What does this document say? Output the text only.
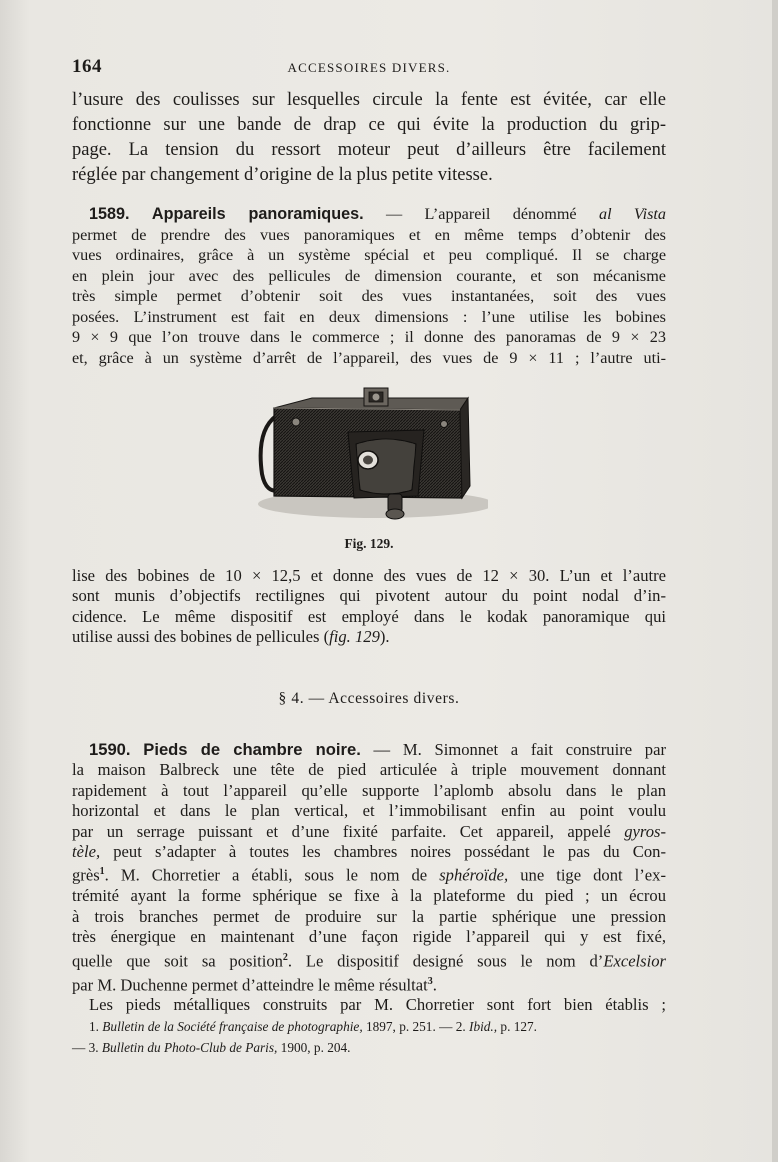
164	ACCESSOIRES DIVERS.
l’usure des coulisses sur lesquelles circule la fente est évitée, car elle
fonctionne sur une bande de drap ce qui évite la production du grip-
page. La tension du ressort moteur peut d’ailleurs être facilement
réglée par changement d’origine de la plus petite vitesse.
1589. Appareils panoramiques. — L’appareil dénommé al Vista
permet de prendre des vues panoramiques et en même temps d’obtenir des
vues ordinaires, grâce à un système spécial et peu compliqué. Il se charge
en plein jour avec des pellicules de dimension courante, et son mécanisme
très simple permet d’obtenir soit des vues instantanées, soit des vues
posées. L’instrument est fait en deux dimensions : l’une utilise les bobines
9 × 9 que l’on trouve dans le commerce ; il donne des panoramas de 9 × 23
et, grâce à un système d’arrêt de l’appareil, des vues de 9 × 11 ; l’autre uti-
Fig. 129.
lise des bobines de 10 × 12,5 et donne des vues de 12 × 30. L’un et l’autre
sont munis d’objectifs rectilignes qui pivotent autour du point nodal d’in-
cidence. Le même dispositif est employé dans le kodak panoramique qui
utilise aussi des bobines de pellicules (fig. 129).
§ 4. — Accessoires divers.
1590. Pieds de chambre noire. — M. Simonnet a fait construire par
la maison Balbreck une tête de pied articulée à triple mouvement donnant
rapidement à tout l’appareil qu’elle supporte l’aplomb absolu dans le plan
horizontal et dans le plan vertical, et l’immobilisant enfin au point voulu
par un serrage puissant et d’une fixité parfaite. Cet appareil, appelé gyros-
tèle, peut s’adapter à toutes les chambres noires possédant le pas du Con-
grès$^1$. M. Chorretier a établi, sous le nom de sphéroïde, une tige dont l’ex-
trémité ayant la forme sphérique se fixe à la plateforme du pied ; un écrou
à trois branches permet de produire sur la partie sphérique une pression
très énergique en maintenant d’une façon rigide l’appareil qui y est fixé,
quelle que soit sa position$^2$. Le dispositif designé sous le nom d’Excelsior
par M. Duchenne permet d’atteindre le même résultat$^3$.
Les pieds métalliques construits par M. Chorretier sont fort bien établis ;
1. Bulletin de la Société française de photographie, 1897, p. 251. — 2. Ibid., p. 127.
— 3. Bulletin du Photo-Club de Paris, 1900, p. 204.
